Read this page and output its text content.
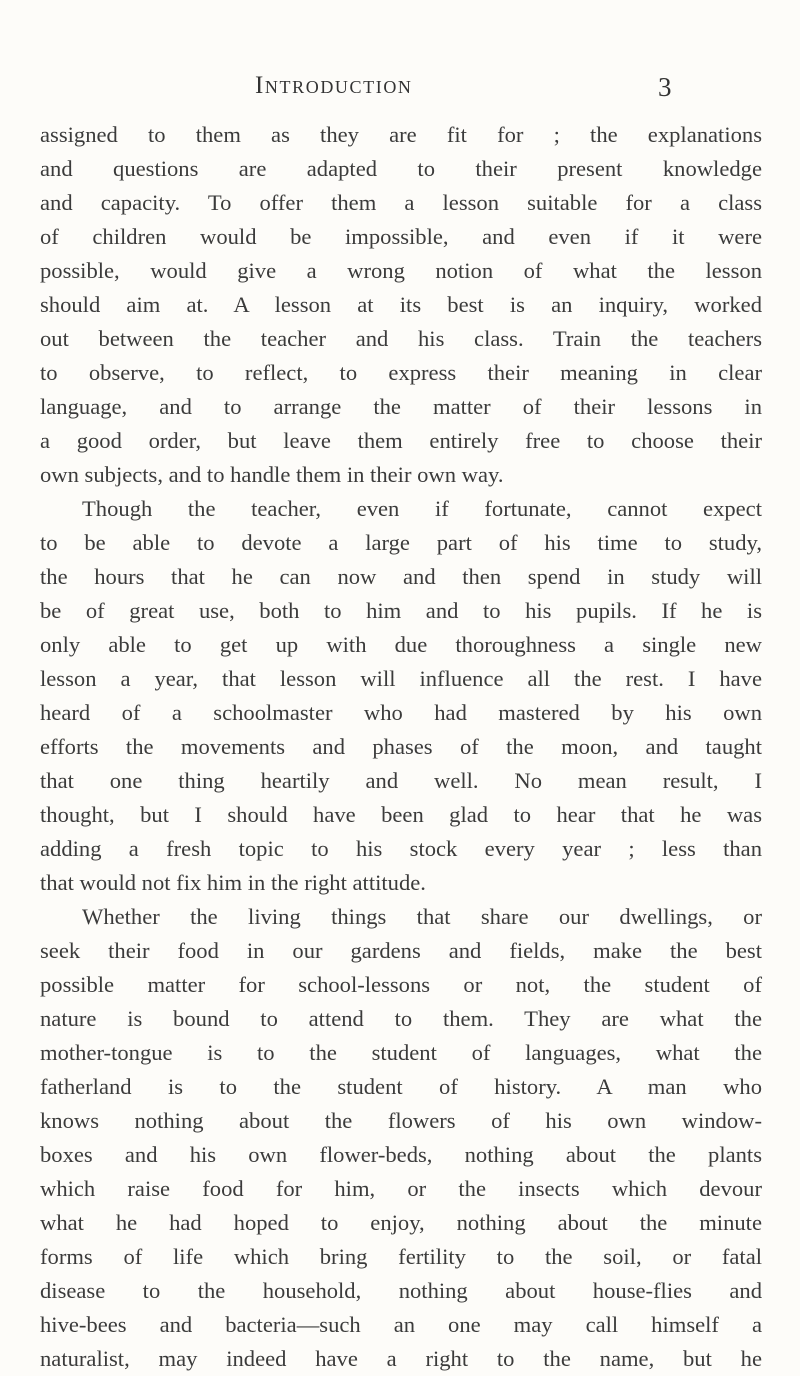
Introduction	3
assigned to them as they are fit for ; the explanations
and questions are adapted to their present knowledge
and capacity. To offer them a lesson suitable for a class
of children would be impossible, and even if it were
possible, would give a wrong notion of what the lesson
should aim at. A lesson at its best is an inquiry, worked
out between the teacher and his class. Train the teachers
to observe, to reflect, to express their meaning in clear
language, and to arrange the matter of their lessons in
a good order, but leave them entirely free to choose their
own subjects, and to handle them in their own way.
Though the teacher, even if fortunate, cannot expect
to be able to devote a large part of his time to study,
the hours that he can now and then spend in study will
be of great use, both to him and to his pupils. If he is
only able to get up with due thoroughness a single new
lesson a year, that lesson will influence all the rest. I have
heard of a schoolmaster who had mastered by his own
efforts the movements and phases of the moon, and taught
that one thing heartily and well. No mean result, I
thought, but I should have been glad to hear that he was
adding a fresh topic to his stock every year ; less than
that would not fix him in the right attitude.
Whether the living things that share our dwellings, or
seek their food in our gardens and fields, make the best
possible matter for school-lessons or not, the student of
nature is bound to attend to them. They are what the
mother-tongue is to the student of languages, what the
fatherland is to the student of history. A man who
knows nothing about the flowers of his own window-
boxes and his own flower-beds, nothing about the plants
which raise food for him, or the insects which devour
what he had hoped to enjoy, nothing about the minute
forms of life which bring fertility to the soil, or fatal
disease to the household, nothing about house-flies and
hive-bees and bacteria—such an one may call himself a
naturalist, may indeed have a right to the name, but he
